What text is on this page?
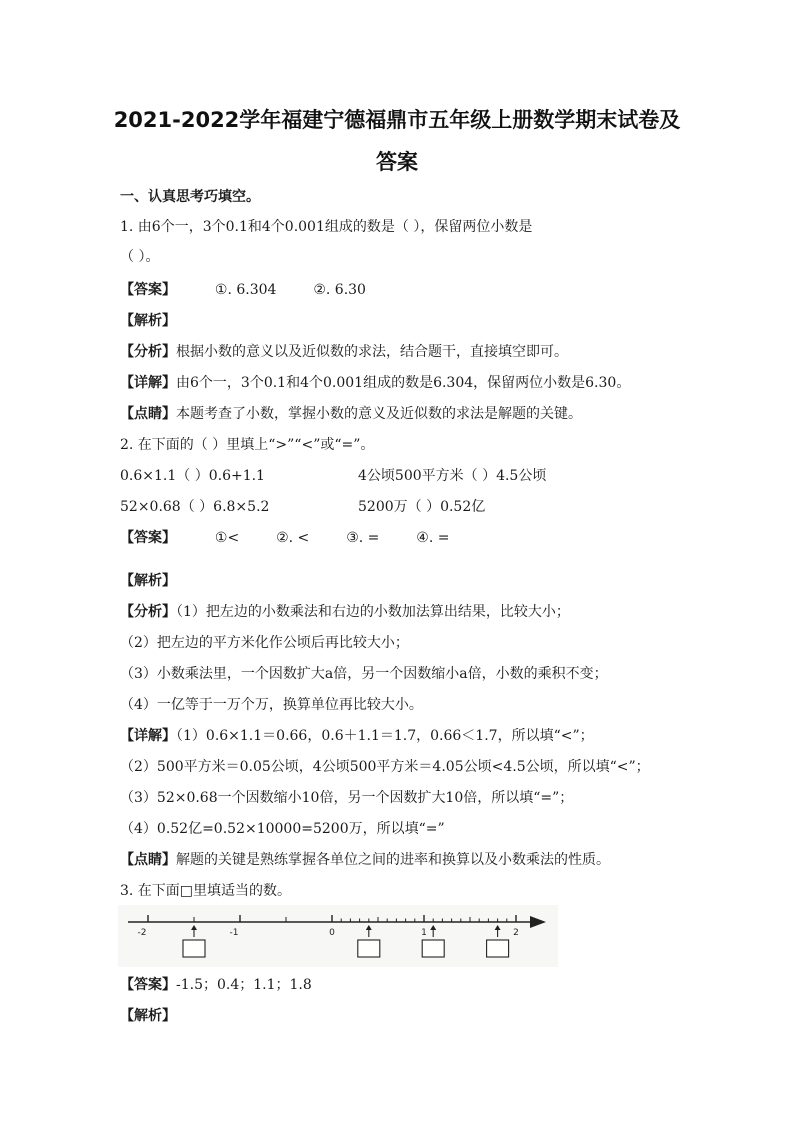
2021-2022学年福建宁德福鼎市五年级上册数学期末试卷及
答案
一、认真思考巧填空。
1. 由6个一，3个0.1和4个0.001组成的数是（ ），保留两位小数是
（ ）。
【答案】	①. 6.304	②. 6.30
【解析】
【分析】根据小数的意义以及近似数的求法，结合题干，直接填空即可。
【详解】由6个一，3个0.1和4个0.001组成的数是6.304，保留两位小数是6.30。
【点睛】本题考查了小数，掌握小数的意义及近似数的求法是解题的关键。
2. 在下面的（ ）里填上“>”“<”或“=”。
0.6×1.1（ ）0.6+1.1	4公顷500平方米（ ）4.5公顷
52×0.68（ ）6.8×5.2	5200万（ ）0.52亿
【答案】	①<	②. <	③. =	④. =
【解析】
【分析】（1）把左边的小数乘法和右边的小数加法算出结果，比较大小；
（2）把左边的平方米化作公顷后再比较大小；
（3）小数乘法里，一个因数扩大a倍，另一个因数缩小a倍，小数的乘积不变；
（4）一亿等于一万个万，换算单位再比较大小。
【详解】（1）0.6×1.1＝0.66，0.6＋1.1＝1.7，0.66＜1.7，所以填“<”；
（2）500平方米＝0.05公顷，4公顷500平方米＝4.05公顷<4.5公顷，所以填“<”；
（3）52×0.68一个因数缩小10倍，另一个因数扩大10倍，所以填“=”；
（4）0.52亿=0.52×10000=5200万，所以填“=”
【点睛】解题的关键是熟练掌握各单位之间的进率和换算以及小数乘法的性质。
3. 在下面□里填适当的数。
-2	-1	0	1	2
【答案】-1.5；0.4；1.1；1.8
【解析】
